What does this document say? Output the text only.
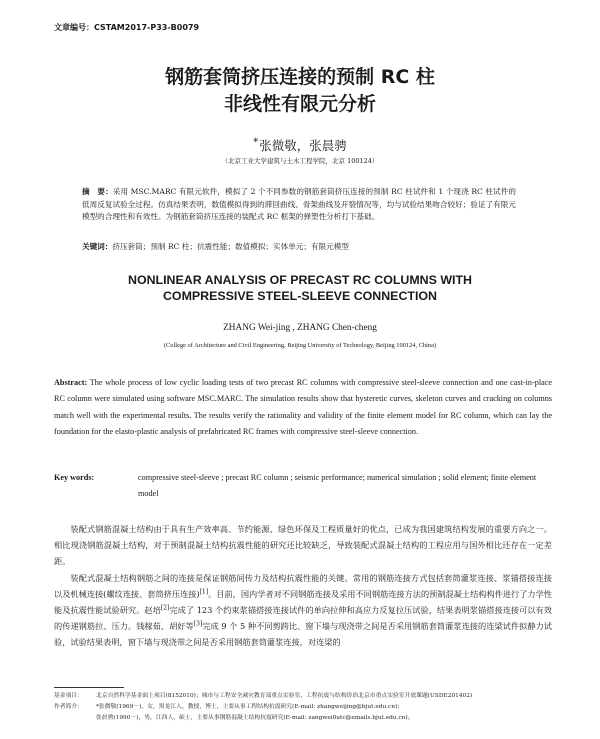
文章编号：CSTAM2017-P33-B0079
钢筋套筒挤压连接的预制 RC 柱
非线性有限元分析
*张微敬，张晨骋
（北京工业大学建筑与土木工程学院，北京 100124）
摘　要：采用 MSC.MARC 有限元软件，模拟了 2 个不同参数的钢筋套筒挤压连接的预制 RC 柱试件和 1 个现浇 RC 柱试件的低周反复试验全过程。仿真结果表明，数值模拟得到的滞回曲线、骨架曲线及开裂情况等，均与试验结果吻合较好；验证了有限元模型的合理性和有效性。为钢筋套筒挤压连接的装配式 RC 框架的弹塑性分析打下基础。
关键词：挤压套筒；预制 RC 柱；抗震性能；数值模拟；实体单元；有限元模型
NONLINEAR ANALYSIS OF PRECAST RC COLUMNS WITH
COMPRESSIVE STEEL-SLEEVE CONNECTION
ZHANG Wei-jing , ZHANG Chen-cheng
(College of Architecture and Civil Engineering, Beijing University of Technology, Beijing 100124, China)
Abstract: The whole process of low cyclic loading tests of two precast RC columns with compressive steel-sleeve connection and one cast-in-place RC column were simulated using software MSC.MARC. The simulation results show that hysteretic curves, skeleton curves and cracking on columns match well with the experimental results. The results verify the rationality and validity of the finite element model for RC column, which can lay the foundation for the elasto-plastic analysis of prefabricated RC frames with compressive steel-sleeve connection.
Key words:	compressive steel-sleeve ; precast RC column ; seismic performance; numerical simulation ; solid element; finite element model

装配式钢筋混凝土结构由于具有生产效率高、节约能源、绿色环保及工程质量好的优点，已成为我国建筑结构发展的重要方向之一。相比现浇钢筋混凝土结构，对于预制混凝土结构抗震性能的研究还比较缺乏，导致装配式混凝土结构的工程应用与国外相比还存在一定差距。

装配式混凝土结构钢筋之间的连接是保证钢筋间传力及结构抗震性能的关键。常用的钢筋连接方式包括套筒灌浆连接、浆锚搭接连接以及机械连接(螺纹连接、套筒挤压连接)[1]。目前，国内学者对不同钢筋连接及采用不同钢筋连接方法的预制混凝土结构构件进行了力学性能及抗震性能试验研究。赵培[2]完成了 123 个约束浆锚搭接连接试件的单向拉伸和高应力反复拉压试验，结果表明浆锚搭接连接可以有效的传递钢筋拉、压力。钱稼茹、胡好等[3]完成 9 个 5 种不同剪跨比、窗下墙与现浇带之间是否采用钢筋套筒灌浆连接的连梁试件拟静力试验，试验结果表明，窗下墙与现浇带之间是否采用钢筋套筒灌浆连接，对连梁的

基金项目：	北京自然科学基金面上项目(8152010)；城市与工程安全减灾教育部重点实验室、工程抗震与结构诊治北京市重点实验室开放课题(USDE201402)
作者简介：	*张微敬(1969－)，女，黑龙江人，教授，博士，主要从事工程结构抗震研究(E-mail: zhangweijing@bjut.edu.cn)；
张晨骋(1990－)，男，江西人，硕士，主要从事钢筋混凝土结构抗震研究(E-mail: zangwei0utc@emails.bjut.edu.cn)。
